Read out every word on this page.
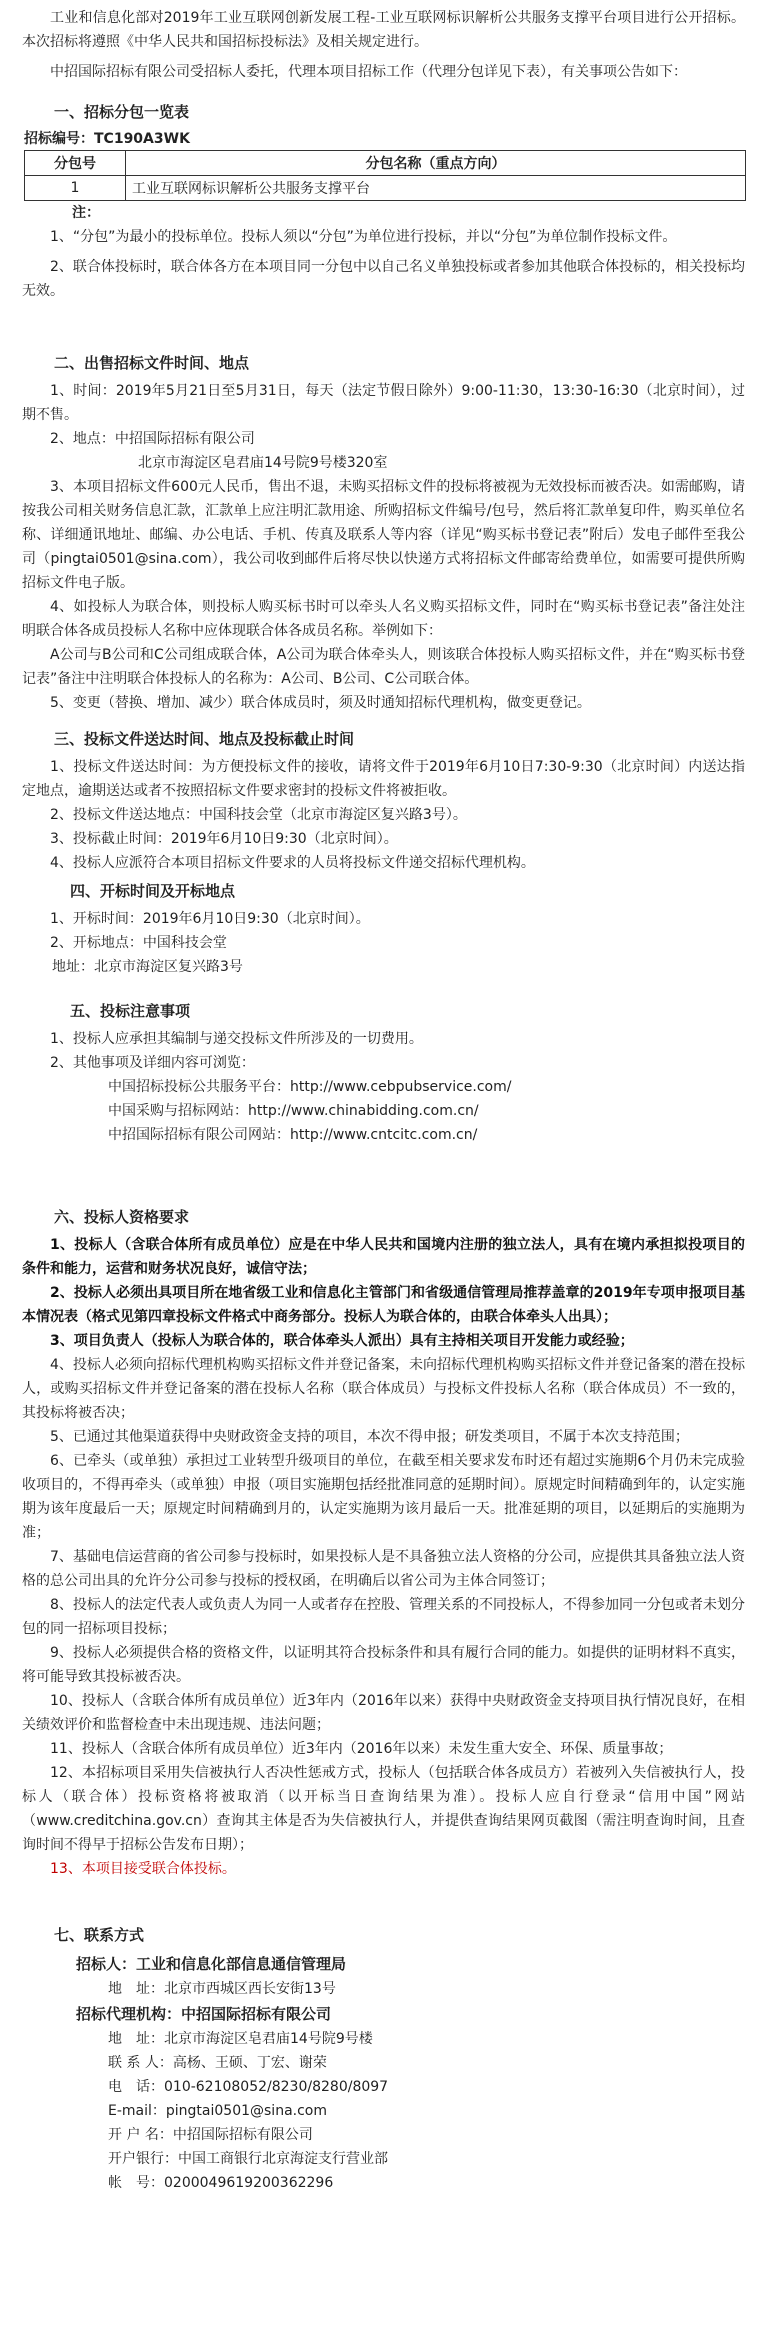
工业和信息化部对2019年工业互联网创新发展工程-工业互联网标识解析公共服务支撑平台项目进行公开招标。本次招标将遵照《中华人民共和国招标投标法》及相关规定进行。

中招国际招标有限公司受招标人委托，代理本项目招标工作（代理分包详见下表），有关事项公告如下：

一、招标分包一览表
招标编号：TC190A3WK
分包号	分包名称（重点方向）
1	工业互联网标识解析公共服务支撑平台
注：

1、“分包”为最小的投标单位。投标人须以“分包”为单位进行投标，并以“分包”为单位制作投标文件。

2、联合体投标时，联合体各方在本项目同一分包中以自己名义单独投标或者参加其他联合体投标的，相关投标均无效。

二、出售招标文件时间、地点

1、时间：2019年5月21日至5月31日，每天（法定节假日除外）9:00-11:30，13:30-16:30（北京时间），过期不售。

2、地点：中招国际招标有限公司

北京市海淀区皂君庙14号院9号楼320室

3、本项目招标文件600元人民币，售出不退，未购买招标文件的投标将被视为无效投标而被否决。如需邮购，请按我公司相关财务信息汇款，汇款单上应注明汇款用途、所购招标文件编号/包号，然后将汇款单复印件，购买单位名称、详细通讯地址、邮编、办公电话、手机、传真及联系人等内容（详见“购买标书登记表”附后）发电子邮件至我公司（pingtai0501@sina.com），我公司收到邮件后将尽快以快递方式将招标文件邮寄给费单位，如需要可提供所购招标文件电子版。

4、如投标人为联合体，则投标人购买标书时可以牵头人名义购买招标文件，同时在“购买标书登记表”备注处注明联合体各成员投标人名称中应体现联合体各成员名称。举例如下：

A公司与B公司和C公司组成联合体，A公司为联合体牵头人，则该联合体投标人购买招标文件，并在“购买标书登记表”备注中注明联合体投标人的名称为：A公司、B公司、C公司联合体。

5、变更（替换、增加、减少）联合体成员时，须及时通知招标代理机构，做变更登记。

三、投标文件送达时间、地点及投标截止时间

1、投标文件送达时间：为方便投标文件的接收，请将文件于2019年6月10日7:30-9:30（北京时间）内送达指定地点，逾期送达或者不按照招标文件要求密封的投标文件将被拒收。

2、投标文件送达地点：中国科技会堂（北京市海淀区复兴路3号）。

3、投标截止时间：2019年6月10日9:30（北京时间）。

4、投标人应派符合本项目招标文件要求的人员将投标文件递交招标代理机构。

四、开标时间及开标地点

1、开标时间：2019年6月10日9:30（北京时间）。

2、开标地点：中国科技会堂

地址：北京市海淀区复兴路3号

五、投标注意事项

1、投标人应承担其编制与递交投标文件所涉及的一切费用。

2、其他事项及详细内容可浏览：

中国招标投标公共服务平台：http://www.cebpubservice.com/

中国采购与招标网站：http://www.chinabidding.com.cn/

中招国际招标有限公司网站：http://www.cntcitc.com.cn/

六、投标人资格要求

1、投标人（含联合体所有成员单位）应是在中华人民共和国境内注册的独立法人，具有在境内承担拟投项目的条件和能力，运营和财务状况良好，诚信守法；

2、投标人必须出具项目所在地省级工业和信息化主管部门和省级通信管理局推荐盖章的2019年专项申报项目基本情况表（格式见第四章投标文件格式中商务部分。投标人为联合体的，由联合体牵头人出具）；

3、项目负责人（投标人为联合体的，联合体牵头人派出）具有主持相关项目开发能力或经验；

4、投标人必须向招标代理机构购买招标文件并登记备案，未向招标代理机构购买招标文件并登记备案的潜在投标人，或购买招标文件并登记备案的潜在投标人名称（联合体成员）与投标文件投标人名称（联合体成员）不一致的，其投标将被否决；

5、已通过其他渠道获得中央财政资金支持的项目，本次不得申报；研发类项目，不属于本次支持范围；

6、已牵头（或单独）承担过工业转型升级项目的单位，在截至相关要求发布时还有超过实施期6个月仍未完成验收项目的，不得再牵头（或单独）申报（项目实施期包括经批准同意的延期时间）。原规定时间精确到年的，认定实施期为该年度最后一天；原规定时间精确到月的，认定实施期为该月最后一天。批准延期的项目，以延期后的实施期为准；

7、基础电信运营商的省公司参与投标时，如果投标人是不具备独立法人资格的分公司，应提供其具备独立法人资格的总公司出具的允许分公司参与投标的授权函，在明确后以省公司为主体合同签订；

8、投标人的法定代表人或负责人为同一人或者存在控股、管理关系的不同投标人，不得参加同一分包或者未划分包的同一招标项目投标；

9、投标人必须提供合格的资格文件，以证明其符合投标条件和具有履行合同的能力。如提供的证明材料不真实，将可能导致其投标被否决。

10、投标人（含联合体所有成员单位）近3年内（2016年以来）获得中央财政资金支持项目执行情况良好，在相关绩效评价和监督检查中未出现违规、违法问题；

11、投标人（含联合体所有成员单位）近3年内（2016年以来）未发生重大安全、环保、质量事故；

12、本招标项目采用失信被执行人否决性惩戒方式，投标人（包括联合体各成员方）若被列入失信被执行人，投标人（联合体）投标资格将被取消（以开标当日查询结果为准）。投标人应自行登录“信用中国”网站（www.creditchina.gov.cn）查询其主体是否为失信被执行人，并提供查询结果网页截图（需注明查询时间，且查询时间不得早于招标公告发布日期）；

13、本项目接受联合体投标。

七、联系方式

招标人：工业和信息化部信息通信管理局

地　址：北京市西城区西长安街13号

招标代理机构：中招国际招标有限公司

地　址：北京市海淀区皂君庙14号院9号楼

联 系 人：高杨、王硕、丁宏、谢荣

电　话：010-62108052/8230/8280/8097

E-mail：pingtai0501@sina.com

开 户 名：中招国际招标有限公司

开户银行：中国工商银行北京海淀支行营业部

帐　号：0200049619200362296
